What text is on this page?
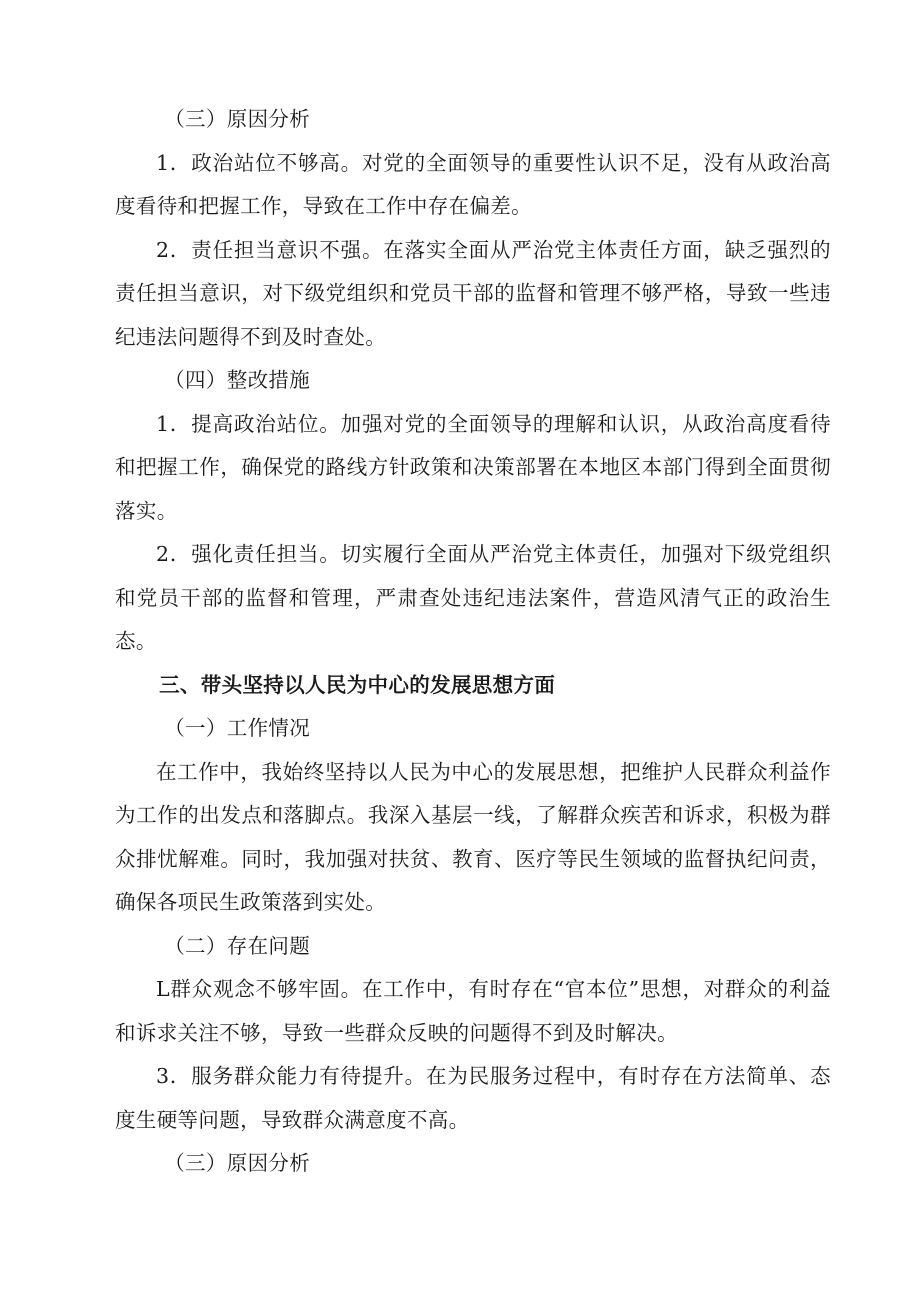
（三）原因分析

1．政治站位不够高。对党的全面领导的重要性认识不足，没有从政治高度看待和把握工作，导致在工作中存在偏差。

2．责任担当意识不强。在落实全面从严治党主体责任方面，缺乏强烈的责任担当意识，对下级党组织和党员干部的监督和管理不够严格，导致一些违纪违法问题得不到及时查处。

（四）整改措施

1．提高政治站位。加强对党的全面领导的理解和认识，从政治高度看待和把握工作，确保党的路线方针政策和决策部署在本地区本部门得到全面贯彻落实。

2．强化责任担当。切实履行全面从严治党主体责任，加强对下级党组织和党员干部的监督和管理，严肃查处违纪违法案件，营造风清气正的政治生态。

三、带头坚持以人民为中心的发展思想方面

（一）工作情况

在工作中，我始终坚持以人民为中心的发展思想，把维护人民群众利益作为工作的出发点和落脚点。我深入基层一线，了解群众疾苦和诉求，积极为群众排忧解难。同时，我加强对扶贫、教育、医疗等民生领域的监督执纪问责，确保各项民生政策落到实处。

（二）存在问题

L群众观念不够牢固。在工作中，有时存在“官本位”思想，对群众的利益和诉求关注不够，导致一些群众反映的问题得不到及时解决。

3．服务群众能力有待提升。在为民服务过程中，有时存在方法简单、态度生硬等问题，导致群众满意度不高。

（三）原因分析
